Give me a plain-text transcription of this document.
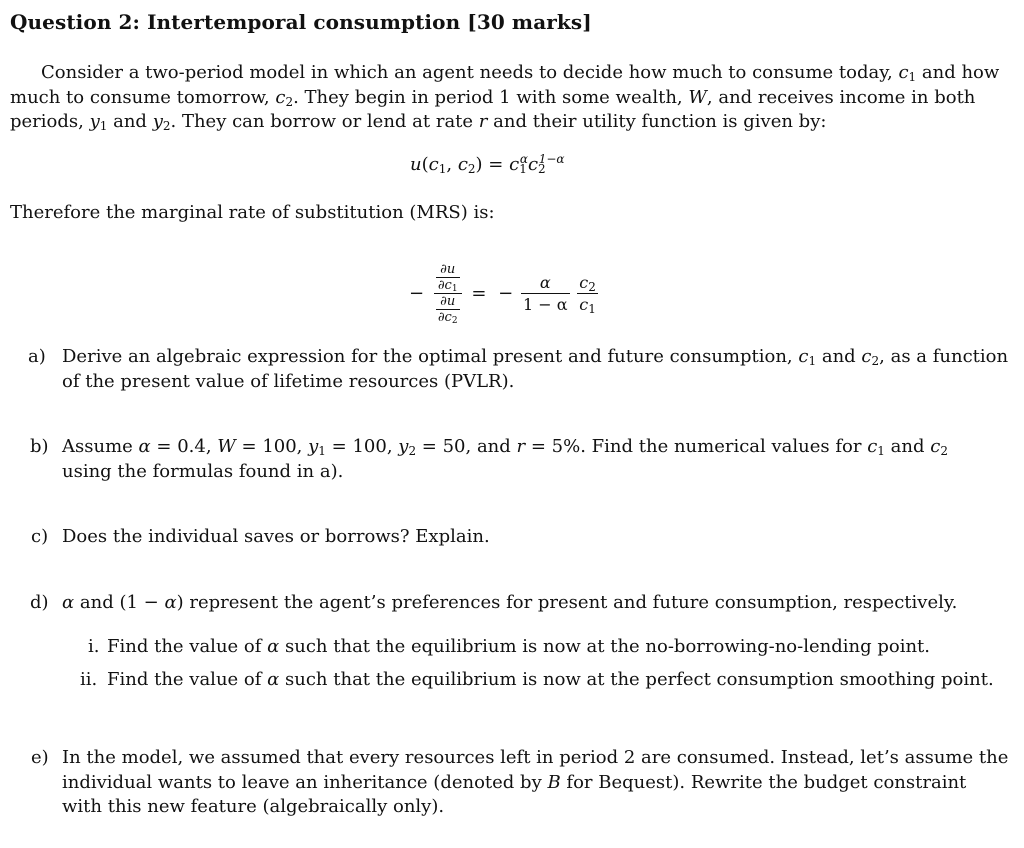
Question 2: Intertemporal consumption [30 marks]
Consider a two-period model in which an agent needs to decide how much to consume today, $c_1$ and how
much to consume tomorrow, $c_2$. They begin in period 1 with some wealth, W, and receives income in both
periods, $y_1$ and $y_2$. They can borrow or lend at rate r and their utility function is given by:
$u(c_1$, $c_2) = c_1^\alpha c_2^{1-\alpha}$
Therefore the marginal rate of substitution (MRS) is:
− $\frac{\frac{\partial u}{\partial c_1}}{\frac{\partial u}{\partial c_2}}$ = − $\frac{\alpha}{1 - \alpha}$
$\frac{c_2}{c_1}$
a) Derive an algebraic expression for the optimal present and future consumption, $c_1$ and $c_2$, as a function
of the present value of lifetime resources (PVLR).
b) Assume α = 0.4, W = 100, $y_1 = 100$, $y_2 = 50$, and r = 5%. Find the numerical values for $c_1$ and $c_2$
using the formulas found in a).
c) Does the individual saves or borrows? Explain.
d) α and (1 − α) represent the agent’s preferences for present and future consumption, respectively.
i. Find the value of α such that the equilibrium is now at the no-borrowing-no-lending point.
ii. Find the value of α such that the equilibrium is now at the perfect consumption smoothing point.
e) In the model, we assumed that every resources left in period 2 are consumed. Instead, let’s assume the
individual wants to leave an inheritance (denoted by B for Bequest). Rewrite the budget constraint
with this new feature (algebraically only).
